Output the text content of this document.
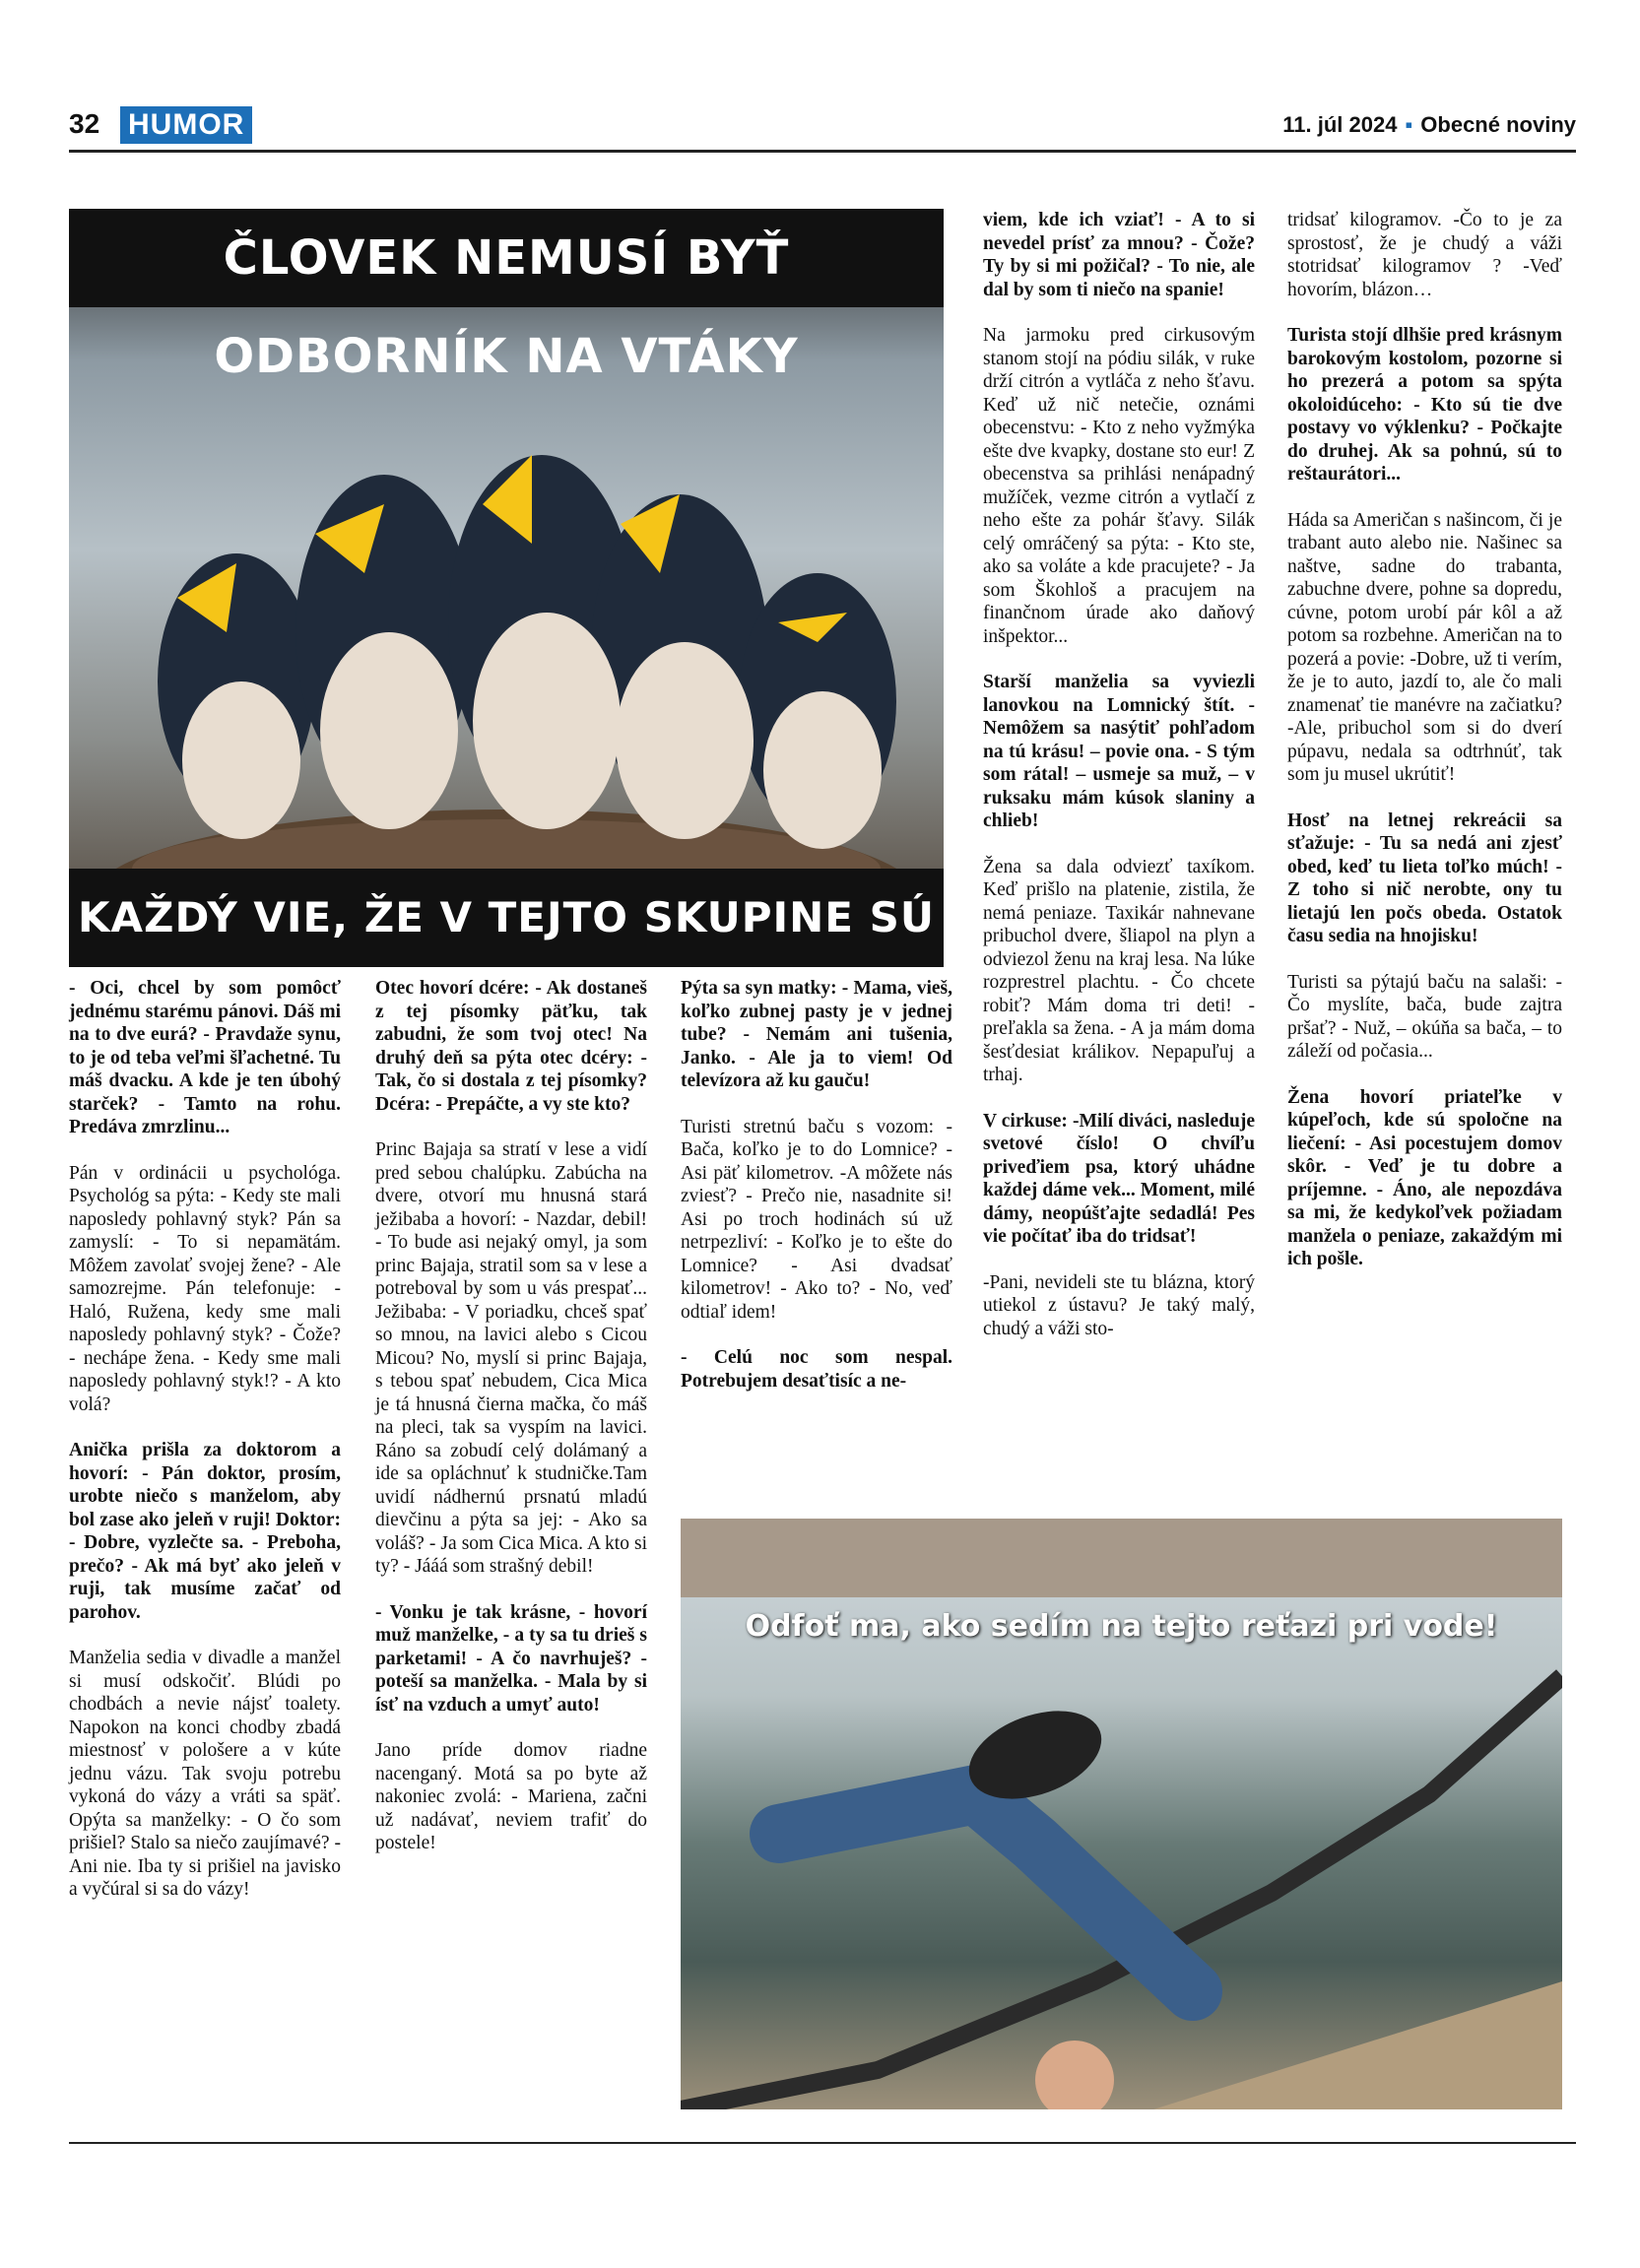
32 HUMOR	11. júl 2024 ▪ Obecné noviny
ČLOVEK NEMUSÍ BYŤ ODBORNÍK NA VTÁKY
KAŽDÝ VIE, ŽE V TEJTO SKUPINE SÚ

- Oci, chcel by som pomôcť jednému starému pánovi. Dáš mi na to dve eurá? - Pravdaže synu, to je od teba veľmi šľachetné. Tu máš dvacku. A kde je ten úbohý starček? - Tamto na rohu. Predáva zmrzlinu...

Pán v ordinácii u psychológa. Psychológ sa pýta: - Kedy ste mali naposledy pohlavný styk? Pán sa zamyslí: - To si nepamätám. Môžem zavolať svojej žene? - Ale samozrejme. Pán telefonuje: - Haló, Ružena, kedy sme mali naposledy pohlavný styk? - Čože? - nechápe žena. - Kedy sme mali naposledy pohlavný styk!? - A kto volá?

Anička prišla za doktorom a hovorí: - Pán doktor, prosím, urobte niečo s manželom, aby bol zase ako jeleň v ruji! Doktor: - Dobre, vyzlečte sa. - Preboha, prečo? - Ak má byť ako jeleň v ruji, tak musíme začať od parohov.

Manželia sedia v divadle a manžel si musí odskočiť. Blúdi po chodbách a nevie nájsť toalety. Napokon na konci chodby zbadá miestnosť v pološere a v kúte jednu vázu. Tak svoju potrebu vykoná do vázy a vráti sa späť. Opýta sa manželky: - O čo som prišiel? Stalo sa niečo zaujímavé? - Ani nie. Iba ty si prišiel na javisko a vyčúral si sa do vázy!

Otec hovorí dcére: - Ak dostaneš z tej písomky päťku, tak zabudni, že som tvoj otec! Na druhý deň sa pýta otec dcéry: - Tak, čo si dostala z tej písomky? Dcéra: - Prepáčte, a vy ste kto?

Princ Bajaja sa stratí v lese a vidí pred sebou chalúpku. Zabúcha na dvere, otvorí mu hnusná stará ježibaba a hovorí: - Nazdar, debil! - To bude asi nejaký omyl, ja som princ Bajaja, stratil som sa v lese a potreboval by som u vás prespať... Ježibaba: - V poriadku, chceš spať so mnou, na lavici alebo s Cicou Micou? No, myslí si princ Bajaja, s tebou spať nebudem, Cica Mica je tá hnusná čierna mačka, čo máš na pleci, tak sa vyspím na lavici. Ráno sa zobudí celý dolámaný a ide sa opláchnuť k studničke.Tam uvidí nádhernú prsnatú mladú dievčinu a pýta sa jej: - Ako sa voláš? - Ja som Cica Mica. A kto si ty? - Jááá som strašný debil!

- Vonku je tak krásne, - hovorí muž manželke, - a ty sa tu drieš s parketami! - A čo navrhuješ? - poteší sa manželka. - Mala by si ísť na vzduch a umyť auto!

Jano príde domov riadne nacenganý. Motá sa po byte až nakoniec zvolá: - Mariena, začni už nadávať, neviem trafiť do postele!

Pýta sa syn matky: - Mama, vieš, koľko zubnej pasty je v jednej tube? - Nemám ani tušenia, Janko. - Ale ja to viem! Od televízora až ku gauču!

Turisti stretnú baču s vozom: - Bača, koľko je to do Lomnice? - Asi päť kilometrov. -A môžete nás zviesť? - Prečo nie, nasadnite si! Asi po troch hodinách sú už netrpezliví: - Koľko je to ešte do Lomnice? - Asi dvadsať kilometrov! - Ako to? - No, veď odtiaľ idem!

- Celú noc som nespal. Potrebujem desaťtisíc a ne-

viem, kde ich vziať! - A to si nevedel prísť za mnou? - Čože? Ty by si mi požičal? - To nie, ale dal by som ti niečo na spanie!

Na jarmoku pred cirkusovým stanom stojí na pódiu silák, v ruke drží citrón a vytláča z neho šťavu. Keď už nič netečie, oznámi obecenstvu: - Kto z neho vyžmýka ešte dve kvapky, dostane sto eur! Z obecenstva sa prihlási nenápadný mužíček, vezme citrón a vytlačí z neho ešte za pohár šťavy. Silák celý omráčený sa pýta: - Kto ste, ako sa voláte a kde pracujete? - Ja som Škohloš a pracujem na finančnom úrade ako daňový inšpektor...

Starší manželia sa vyviezli lanovkou na Lomnický štít. - Nemôžem sa nasýtiť pohľadom na tú krásu! – povie ona. - S tým som rátal! – usmeje sa muž, – v ruksaku mám kúsok slaniny a chlieb!

Žena sa dala odviezť taxíkom. Keď prišlo na platenie, zistila, že nemá peniaze. Taxikár nahnevane pribuchol dvere, šliapol na plyn a odviezol ženu na kraj lesa. Na lúke rozprestrel plachtu. - Čo chcete robiť? Mám doma tri deti! - preľakla sa žena. - A ja mám doma šesťdesiat králikov. Nepapuľuj a trhaj.

V cirkuse: -Milí diváci, nasleduje svetové číslo! O chvíľu priveďiem psa, ktorý uhádne každej dáme vek... Moment, milé dámy, neopúšťajte sedadlá! Pes vie počítať iba do tridsať!

-Pani, nevideli ste tu blázna, ktorý utiekol z ústavu? Je taký malý, chudý a váži sto-

tridsať kilogramov. -Čo to je za sprostosť, že je chudý a váži stotridsať kilogramov ? -Veď hovorím, blázon…

Turista stojí dlhšie pred krásnym barokovým kostolom, pozorne si ho prezerá a potom sa spýta okoloidúceho: - Kto sú tie dve postavy vo výklenku? - Počkajte do druhej. Ak sa pohnú, sú to reštaurátori...

Háda sa Američan s našincom, či je trabant auto alebo nie. Našinec sa naštve, sadne do trabanta, zabuchne dvere, pohne sa dopredu, cúvne, potom urobí pár kôl a až potom sa rozbehne. Američan na to pozerá a povie: -Dobre, už ti verím, že je to auto, jazdí to, ale čo mali znamenať tie manévre na začiatku? -Ale, pribuchol som si do dverí púpavu, nedala sa odtrhnúť, tak som ju musel ukrútiť!

Hosť na letnej rekreácii sa sťažuje: - Tu sa nedá ani zjesť obed, keď tu lieta toľko múch! - Z toho si nič nerobte, ony tu lietajú len počs obeda. Ostatok času sedia na hnojisku!

Turisti sa pýtajú baču na salaši: - Čo myslíte, bača, bude zajtra pršať? - Nuž, – okúňa sa bača, – to záleží od počasia...

Žena hovorí priateľke v kúpeľoch, kde sú spoločne na liečení: - Asi pocestujem domov skôr. - Veď je tu dobre a príjemne. - Áno, ale nepozdáva sa mi, že kedykoľvek požiadam manžela o peniaze, zakaždým mi ich pošle.

Odfoť ma, ako sedím na tejto reťazi pri vode!
